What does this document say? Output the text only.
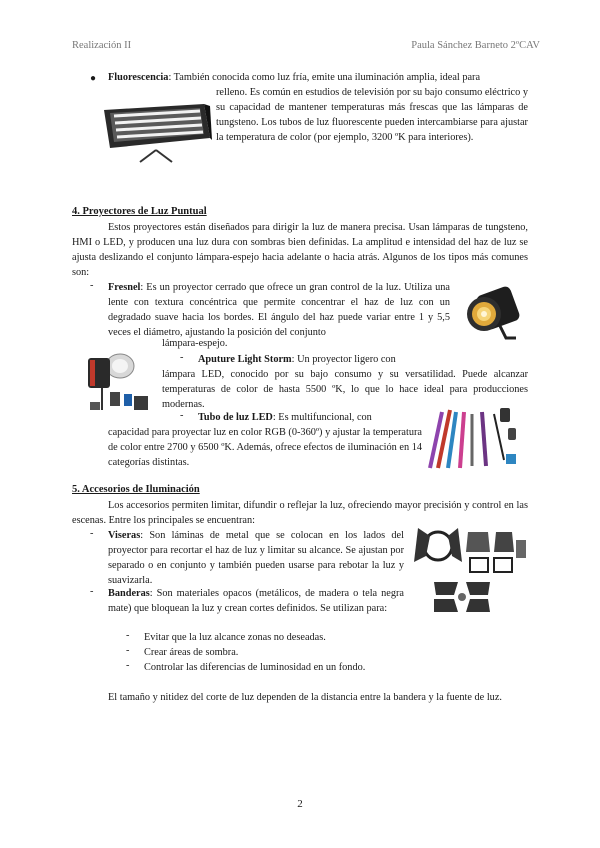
Realización II	Paula Sánchez Barneto 2ºCAV
● Fluorescencia: También conocida como luz fría, emite una iluminación amplia, ideal para

relleno. Es común en estudios de televisión por su bajo consumo eléctrico y su capacidad de mantener temperaturas más frescas que las lámparas de tungsteno. Los tubos de luz fluorescente pueden intercambiarse para ajustar la temperatura de color (por ejemplo, 3200 ºK para interiores).

4. Proyectores de Luz Puntual

Estos proyectores están diseñados para dirigir la luz de manera precisa. Usan lámparas de tungsteno, HMI o LED, y producen una luz dura con sombras bien definidas. La amplitud e intensidad del haz de luz se ajusta deslizando el conjunto lámpara-espejo hacia adelante o hacia atrás. Algunos de los tipos más comunes son:

- Fresnel: Es un proyector cerrado que ofrece un gran control de la luz. Utiliza una lente con textura concéntrica que permite concentrar el haz de luz con un degradado suave hacia los bordes. El ángulo del haz puede variar entre 1 y 5,5 veces el diámetro, ajustando la posición del conjunto

lámpara-espejo.

- Aputure Light Storm: Un proyector ligero con

lámpara LED, conocido por su bajo consumo y su versatilidad. Puede alcanzar temperaturas de color de hasta 5500 ºK, lo que lo hace ideal para producciones modernas.

- Tubo de luz LED: Es multifuncional, con

capacidad para proyectar luz en color RGB (0-360º) y ajustar la temperatura de color entre 2700 y 6500 ºK. Además, ofrece efectos de iluminación en 14 categorías distintas.

5. Accesorios de Iluminación

Los accesorios permiten limitar, difundir o reflejar la luz, ofreciendo mayor precisión y control en las escenas. Entre los principales se encuentran:

- Viseras: Son láminas de metal que se colocan en los lados del proyector para recortar el haz de luz y limitar su alcance. Se ajustan por separado o en conjunto y también pueden usarse para rebotar la luz y suavizarla.

- Banderas: Son materiales opacos (metálicos, de madera o tela negra mate) que bloquean la luz y crean cortes definidos. Se utilizan para:

- Evitar que la luz alcance zonas no deseadas.

- Crear áreas de sombra.

- Controlar las diferencias de luminosidad en un fondo.

El tamaño y nitidez del corte de luz dependen de la distancia entre la bandera y la fuente de luz.

2
